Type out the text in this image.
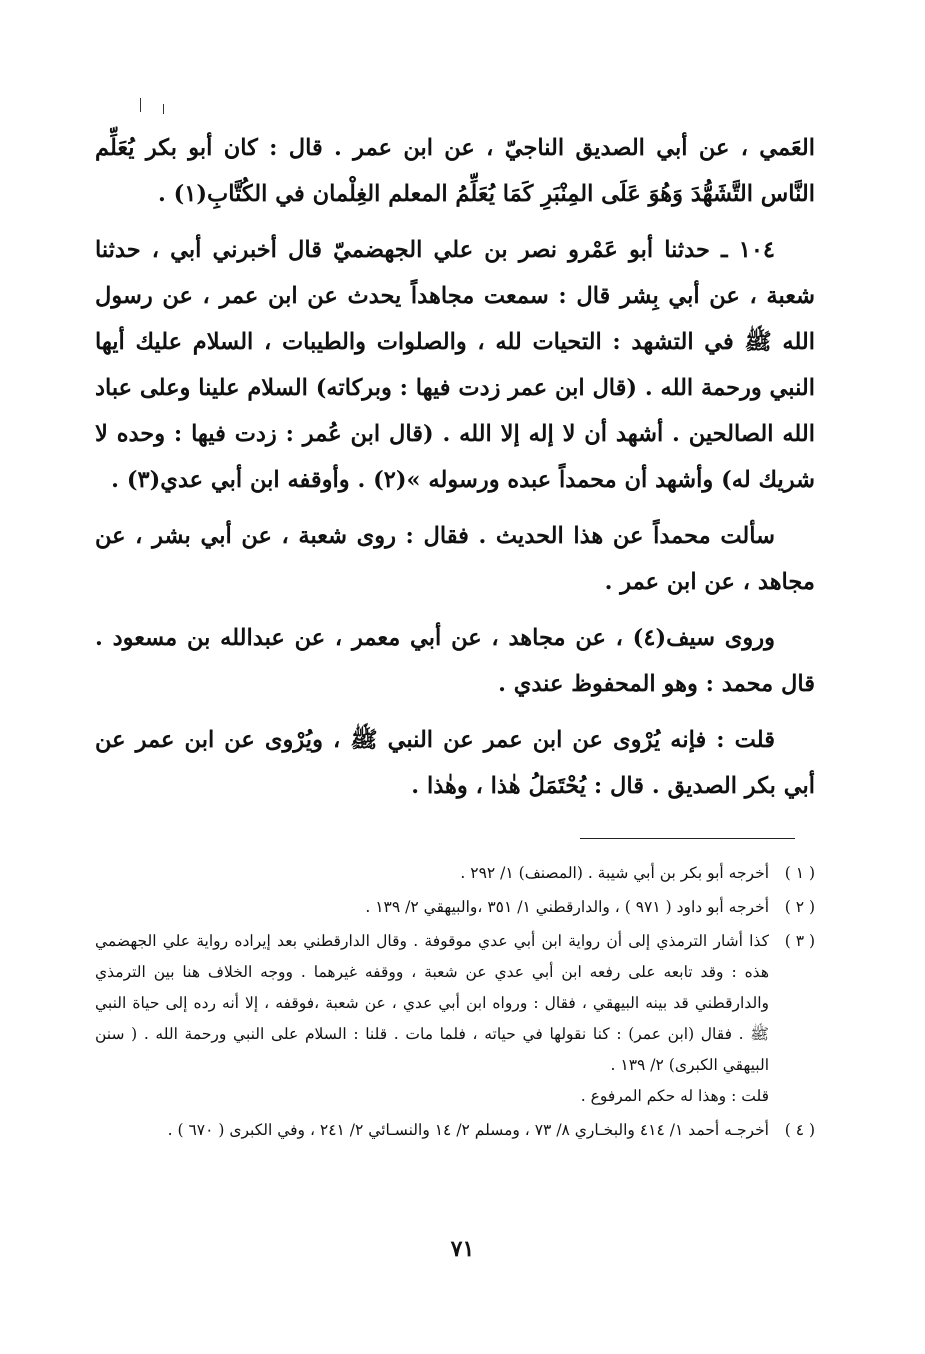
العَمي ، عن أبي الصديق الناجيّ ، عن ابن عمر . قال : كان أبو بكر يُعَلِّم النَّاس التَّشَهُّدَ وَهُوَ عَلَى المِنْبَرِ كَمَا يُعَلِّمُ المعلم الغِلْمان في الكُتَّابِ(١) .

١٠٤ ـ حدثنا أبو عَمْرو نصر بن علي الجهضميّ قال أخبرني أبي ، حدثنا شعبة ، عن أبي بِشر قال : سمعت مجاهداً يحدث عن ابن عمر ، عن رسول الله ﷺ في التشهد : التحيات لله ، والصلوات والطيبات ، السلام عليك أيها النبي ورحمة الله . (قال ابن عمر زدت فيها : وبركاته) السلام علينا وعلى عباد الله الصالحين . أشهد أن لا إله إلا الله . (قال ابن عُمر : زدت فيها : وحده لا شريك له) وأشهد أن محمداً عبده ورسوله »(٢) . وأوقفه ابن أبي عدي(٣) .

سألت محمداً عن هذا الحديث . فقال : روى شعبة ، عن أبي بشر ، عن مجاهد ، عن ابن عمر .

وروى سيف(٤) ، عن مجاهد ، عن أبي معمر ، عن عبدالله بن مسعود . قال محمد : وهو المحفوظ عندي .

قلت : فإنه يُرْوى عن ابن عمر عن النبي ﷺ ، ويُرْوى عن ابن عمر عن أبي بكر الصديق . قال : يُحْتَمَلُ هٰذا ، وهٰذا .

( ١ )
أخرجه أبو بكر بن أبي شيبة . (المصنف) ١/ ٢٩٢ .
( ٢ )
أخرجه أبو داود ( ٩٧١ ) ، والدارقطني ١/ ٣٥١ ،والبيهقي ٢/ ١٣٩ .
( ٣ )
كذا أشار الترمذي إلى أن رواية ابن أبي عدي موقوفة . وقال الدارقطني بعد إيراده رواية علي الجهضمي هذه : وقد تابعه على رفعه ابن أبي عدي عن شعبة ، ووقفه غيرهما . ووجه الخلاف هنا بين الترمذي والدارقطني قد بينه البيهقي ، فقال : ورواه ابن أبي عدي ، عن شعبة ،فوقفه ، إلا أنه رده إلى حياة النبي ﷺ . فقال (ابن عمر) : كنا نقولها في حياته ، فلما مات . قلنا : السلام على النبي ورحمة الله . ( سنن البيهقي الكبرى) ٢/ ١٣٩ .
قلت : وهذا له حكم المرفوع .
( ٤ )
أخرجـه أحمد ١/ ٤١٤ والبخـاري ٨/ ٧٣ ، ومسلم ٢/ ١٤ والنسـائي ٢/ ٢٤١ ، وفي الكبرى ( ٦٧٠ ) .
٧١
